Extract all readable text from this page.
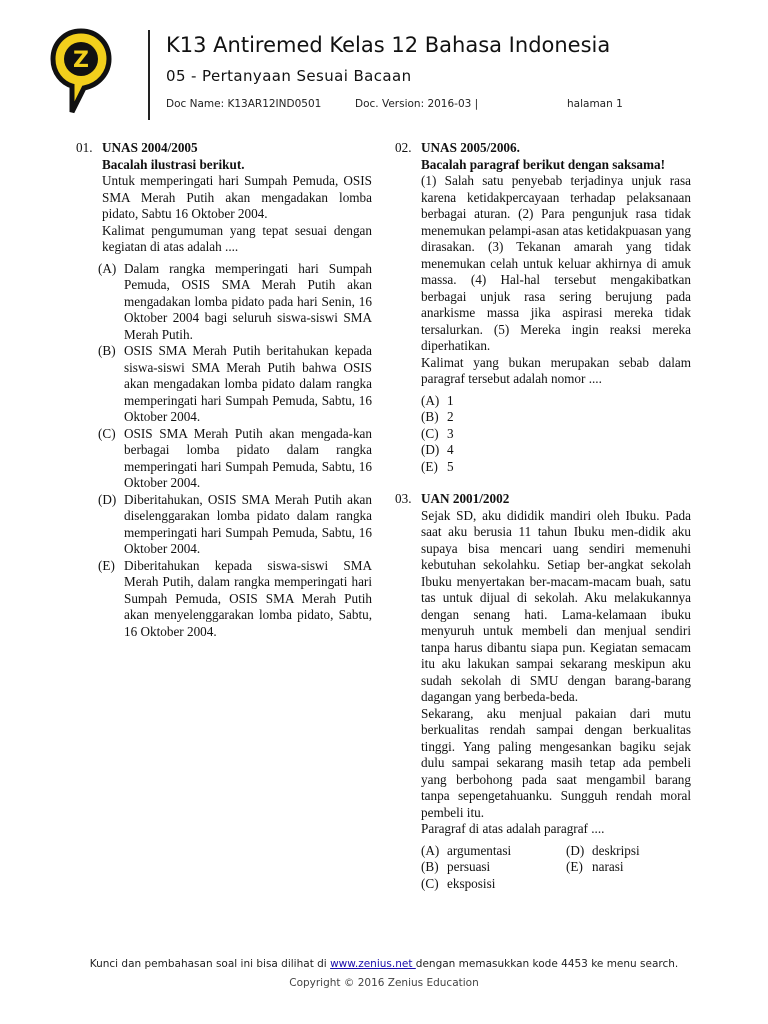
Z
K13 Antiremed Kelas 12 Bahasa Indonesia
05 - Pertanyaan Sesuai Bacaan
Doc Name: K13AR12IND0501	Doc. Version: 2016-03 |	halaman 1
01. UNAS 2004/2005
Bacalah ilustrasi berikut.
Untuk memperingati hari Sumpah Pemuda, OSIS SMA Merah Putih akan mengadakan lomba pidato, Sabtu 16 Oktober 2004.
Kalimat pengumuman yang tepat sesuai dengan kegiatan di atas adalah ....
(A) Dalam rangka memperingati hari Sumpah Pemuda, OSIS SMA Merah Putih akan mengadakan lomba pidato pada hari Senin, 16 Oktober 2004 bagi seluruh siswa-siswi SMA Merah Putih.
(B) OSIS SMA Merah Putih beritahukan kepada siswa-siswi SMA Merah Putih bahwa OSIS akan mengadakan lomba pidato dalam rangka memperingati hari Sumpah Pemuda, Sabtu, 16 Oktober 2004.
(C) OSIS SMA Merah Putih akan mengada-kan berbagai lomba pidato dalam rangka memperingati hari Sumpah Pemuda, Sabtu, 16 Oktober 2004.
(D) Diberitahukan, OSIS SMA Merah Putih akan diselenggarakan lomba pidato dalam rangka memperingati hari Sumpah Pemuda, Sabtu, 16 Oktober 2004.
(E) Diberitahukan kepada siswa-siswi SMA Merah Putih, dalam rangka memperingati hari Sumpah Pemuda, OSIS SMA Merah Putih akan menyelenggarakan lomba pidato, Sabtu, 16 Oktober 2004.
02. UNAS 2005/2006.
Bacalah paragraf berikut dengan saksama!
(1) Salah satu penyebab terjadinya unjuk rasa karena ketidakpercayaan terhadap pelaksanaan berbagai aturan. (2) Para pengunjuk rasa tidak menemukan pelampi-asan atas ketidakpuasan yang dirasakan. (3) Tekanan amarah yang tidak menemukan celah untuk keluar akhirnya di amuk massa. (4) Hal-hal tersebut mengakibatkan berbagai unjuk rasa sering berujung pada anarkisme massa jika aspirasi mereka tidak tersalurkan. (5) Mereka ingin reaksi mereka diperhatikan.
Kalimat yang bukan merupakan sebab dalam paragraf tersebut adalah nomor ....
(A) 1
(B) 2
(C) 3
(D) 4
(E) 5
03. UAN 2001/2002
Sejak SD, aku dididik mandiri oleh Ibuku. Pada saat aku berusia 11 tahun Ibuku men-didik aku supaya bisa mencari uang sendiri memenuhi kebutuhan sekolahku. Setiap ber-angkat sekolah Ibuku menyertakan ber-macam-macam buah, satu tas untuk dijual di sekolah. Aku melakukannya dengan senang hati. Lama-kelamaan ibuku menyuruh untuk membeli dan menjual sendiri tanpa harus dibantu siapa pun. Kegiatan semacam itu aku lakukan sampai sekarang meskipun aku sudah sekolah di SMU dengan barang-barang dagangan yang berbeda-beda.
Sekarang, aku menjual pakaian dari mutu berkualitas rendah sampai dengan berkualitas tinggi. Yang paling mengesankan bagiku sejak dulu sampai sekarang masih tetap ada pembeli yang berbohong pada saat mengambil barang tanpa sepengetahuanku. Sungguh rendah moral pembeli itu.
Paragraf di atas adalah paragraf ....
(A) argumentasi	(D) deskripsi
(B) persuasi	(E) narasi
(C) eksposisi
Kunci dan pembahasan soal ini bisa dilihat di www.zenius.net dengan memasukkan kode 4453 ke menu search.
Copyright © 2016 Zenius Education
